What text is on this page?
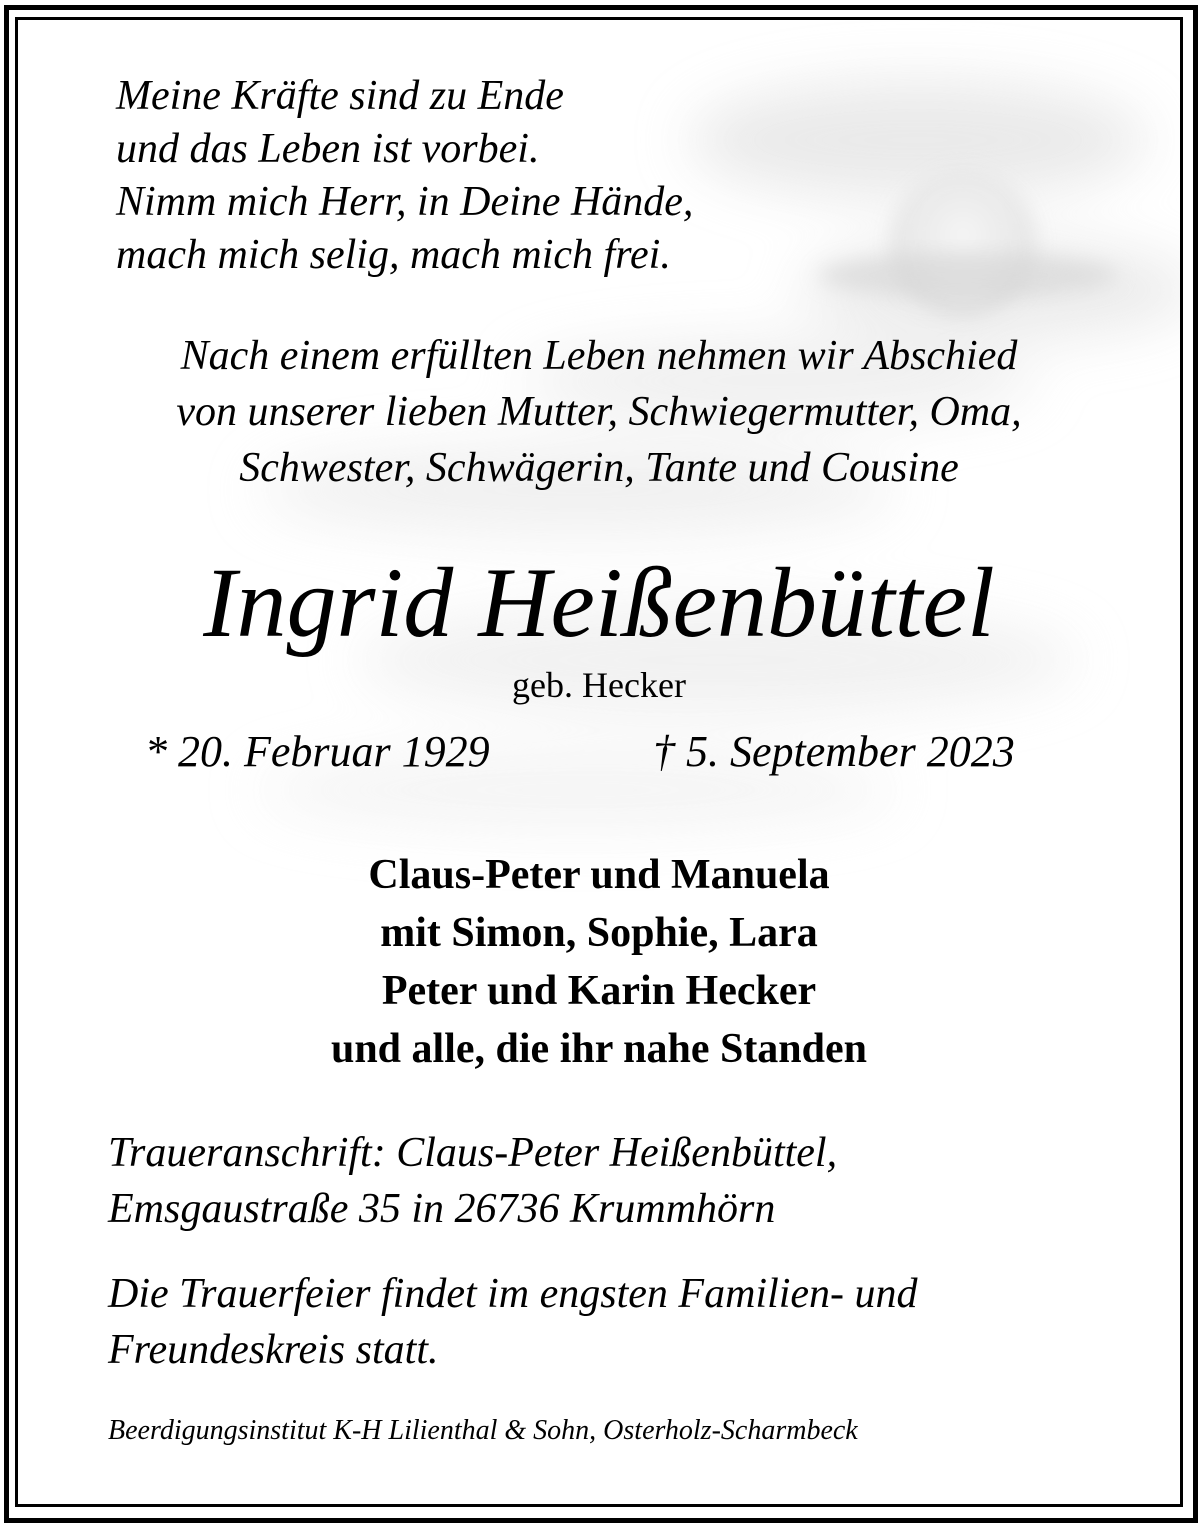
Meine Kräfte sind zu Ende
und das Leben ist vorbei.
Nimm mich Herr, in Deine Hände,
mach mich selig, mach mich frei.
Nach einem erfüllten Leben nehmen wir Abschied
von unserer lieben Mutter, Schwiegermutter, Oma,
Schwester, Schwägerin, Tante und Cousine
Ingrid Heißenbüttel
geb. Hecker
* 20. Februar 1929	† 5. September 2023
Claus-Peter und Manuela
mit Simon, Sophie, Lara
Peter und Karin Hecker
und alle, die ihr nahe Standen
Traueranschrift: Claus-Peter Heißenbüttel,
Emsgaustraße 35 in 26736 Krummhörn
Die Trauerfeier findet im engsten Familien- und
Freundeskreis statt.
Beerdigungsinstitut K-H Lilienthal & Sohn, Osterholz-Scharmbeck
